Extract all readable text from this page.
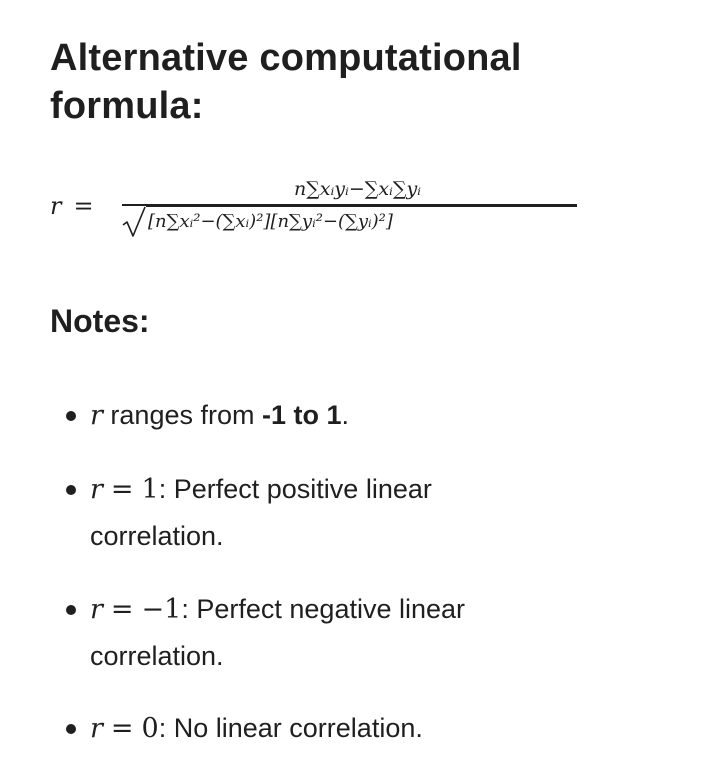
Alternative computational formula:
r =
n∑xᵢyᵢ−∑xᵢ∑yᵢ
[n∑xᵢ²−(∑xᵢ)²][n∑yᵢ²−(∑yᵢ)²]
Notes:
r ranges from -1 to 1.
r = 1: Perfect positive linear
correlation.
r = −1: Perfect negative linear
correlation.
r = 0: No linear correlation.
